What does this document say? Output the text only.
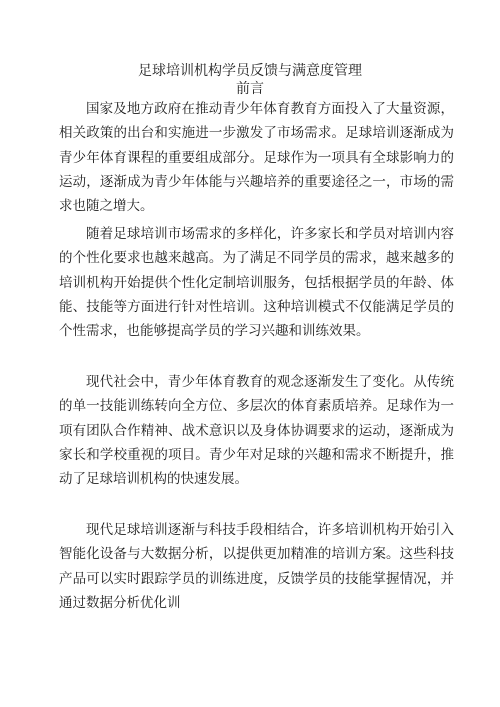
足球培训机构学员反馈与满意度管理
前言

国家及地方政府在推动青少年体育教育方面投入了大量资源，相关政策的出台和实施进一步激发了市场需求。足球培训逐渐成为青少年体育课程的重要组成部分。足球作为一项具有全球影响力的运动，逐渐成为青少年体能与兴趣培养的重要途径之一，市场的需求也随之增大。

随着足球培训市场需求的多样化，许多家长和学员对培训内容的个性化要求也越来越高。为了满足不同学员的需求，越来越多的培训机构开始提供个性化定制培训服务，包括根据学员的年龄、体能、技能等方面进行针对性培训。这种培训模式不仅能满足学员的个性需求，也能够提高学员的学习兴趣和训练效果。

现代社会中，青少年体育教育的观念逐渐发生了变化。从传统的单一技能训练转向全方位、多层次的体育素质培养。足球作为一项有团队合作精神、战术意识以及身体协调要求的运动，逐渐成为家长和学校重视的项目。青少年对足球的兴趣和需求不断提升，推动了足球培训机构的快速发展。

现代足球培训逐渐与科技手段相结合，许多培训机构开始引入智能化设备与大数据分析，以提供更加精准的培训方案。这些科技产品可以实时跟踪学员的训练进度，反馈学员的技能掌握情况，并通过数据分析优化训
